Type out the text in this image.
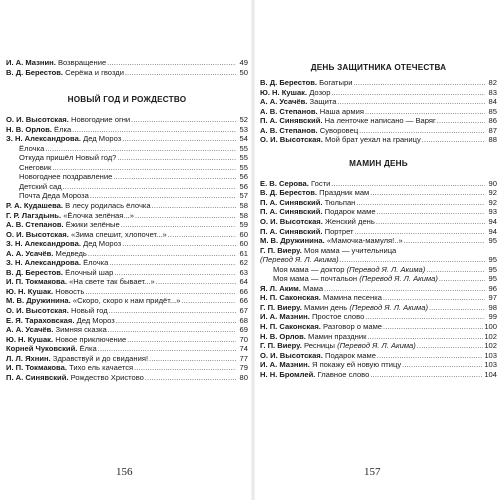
И. А. Мазнин. Возвращение .....	49
В. Д. Берестов. Серёжа и гвозди .....	50
НОВЫЙ ГОД И РОЖДЕСТВО
О. И. Высотская. Новогодние огни .....	52
Н. В. Орлов. Ёлка .....	53
З. Н. Александрова. Дед Мороз .....	54
Ёлочка .....	55
Откуда пришёл Новый год? .....	55
Снеговик .....	55
Новогоднее поздравление .....	56
Детский сад .....	56
Почта Деда Мороза .....	57
Р. А. Кудашева. В лесу родилась ёлочка .....	58
Г. Р. Лагздынь. «Ёлочка зелёная...» .....	58
А. В. Степанов. Ёжики зелёные .....	59
О. И. Высотская. «Зима спешит, хлопочет...» .....	60
З. Н. Александрова. Дед Мороз .....	60
А. А. Усачёв. Медведь .....	61
З. Н. Александрова. Ёлочка .....	62
В. Д. Берестов. Ёлочный шар .....	63
И. П. Токмакова. «На свете так бывает...» .....	64
Ю. Н. Кушак. Новость .....	66
М. В. Дружинина. «Скоро, скоро к нам придёт...» .....	66
О. И. Высотская. Новый год .....	67
Е. Я. Тараховская. Дед Мороз .....	68
А. А. Усачёв. Зимняя сказка .....	69
Ю. Н. Кушак. Новое приключение .....	70
Корней Чуковский. Ёлка .....	74
Л. Л. Яхнин. Здравствуй и до свидания! .....	77
И. П. Токмакова. Тихо ель качается .....	79
П. А. Синявский. Рождество Христово .....	80
156
ДЕНЬ ЗАЩИТНИКА ОТЕЧЕСТВА
В. Д. Берестов. Богатыри .....	82
Ю. Н. Кушак. Дозор .....	83
А. А. Усачёв. Защита .....	84
А. В. Степанов. Наша армия .....	85
П. А. Синявский. На ленточке написано — Варяг .....	86
А. В. Степанов. Суворовец .....	87
О. И. Высотская. Мой брат уехал на границу .....	88
МАМИН ДЕНЬ
Е. В. Серова. Гости .....	90
В. Д. Берестов. Праздник мам .....	92
П. А. Синявский. Тюльпан .....	92
П. А. Синявский. Подарок маме .....	93
О. И. Высотская. Женский день .....	94
П. А. Синявский. Портрет .....	94
М. В. Дружинина. «Мамочка-мамуля!..» .....	95
Г. П. Виеру. Моя мама — учительница
(Перевод Я. Л. Акима) .....	95
Моя мама — доктор (Перевод Я. Л. Акима) .....	95
Моя мама — почтальон (Перевод Я. Л. Акима) .....	95
Я. Л. Аким. Мама .....	96
Н. П. Саконская. Мамина песенка .....	97
Г. П. Виеру. Мамин день (Перевод Я. Л. Акима) .....	98
И. А. Мазнин. Простое слово .....	99
Н. П. Саконская. Разговор о маме .....	100
Н. В. Орлов. Мамин праздник .....	102
Г. П. Виеру. Ресницы (Перевод Я. Л. Акима) .....	102
О. И. Высотская. Подарок маме .....	103
И. А. Мазнин. Я покажу ей новую птицу .....	103
Н. Н. Бромлей. Главное слово .....	104
157
